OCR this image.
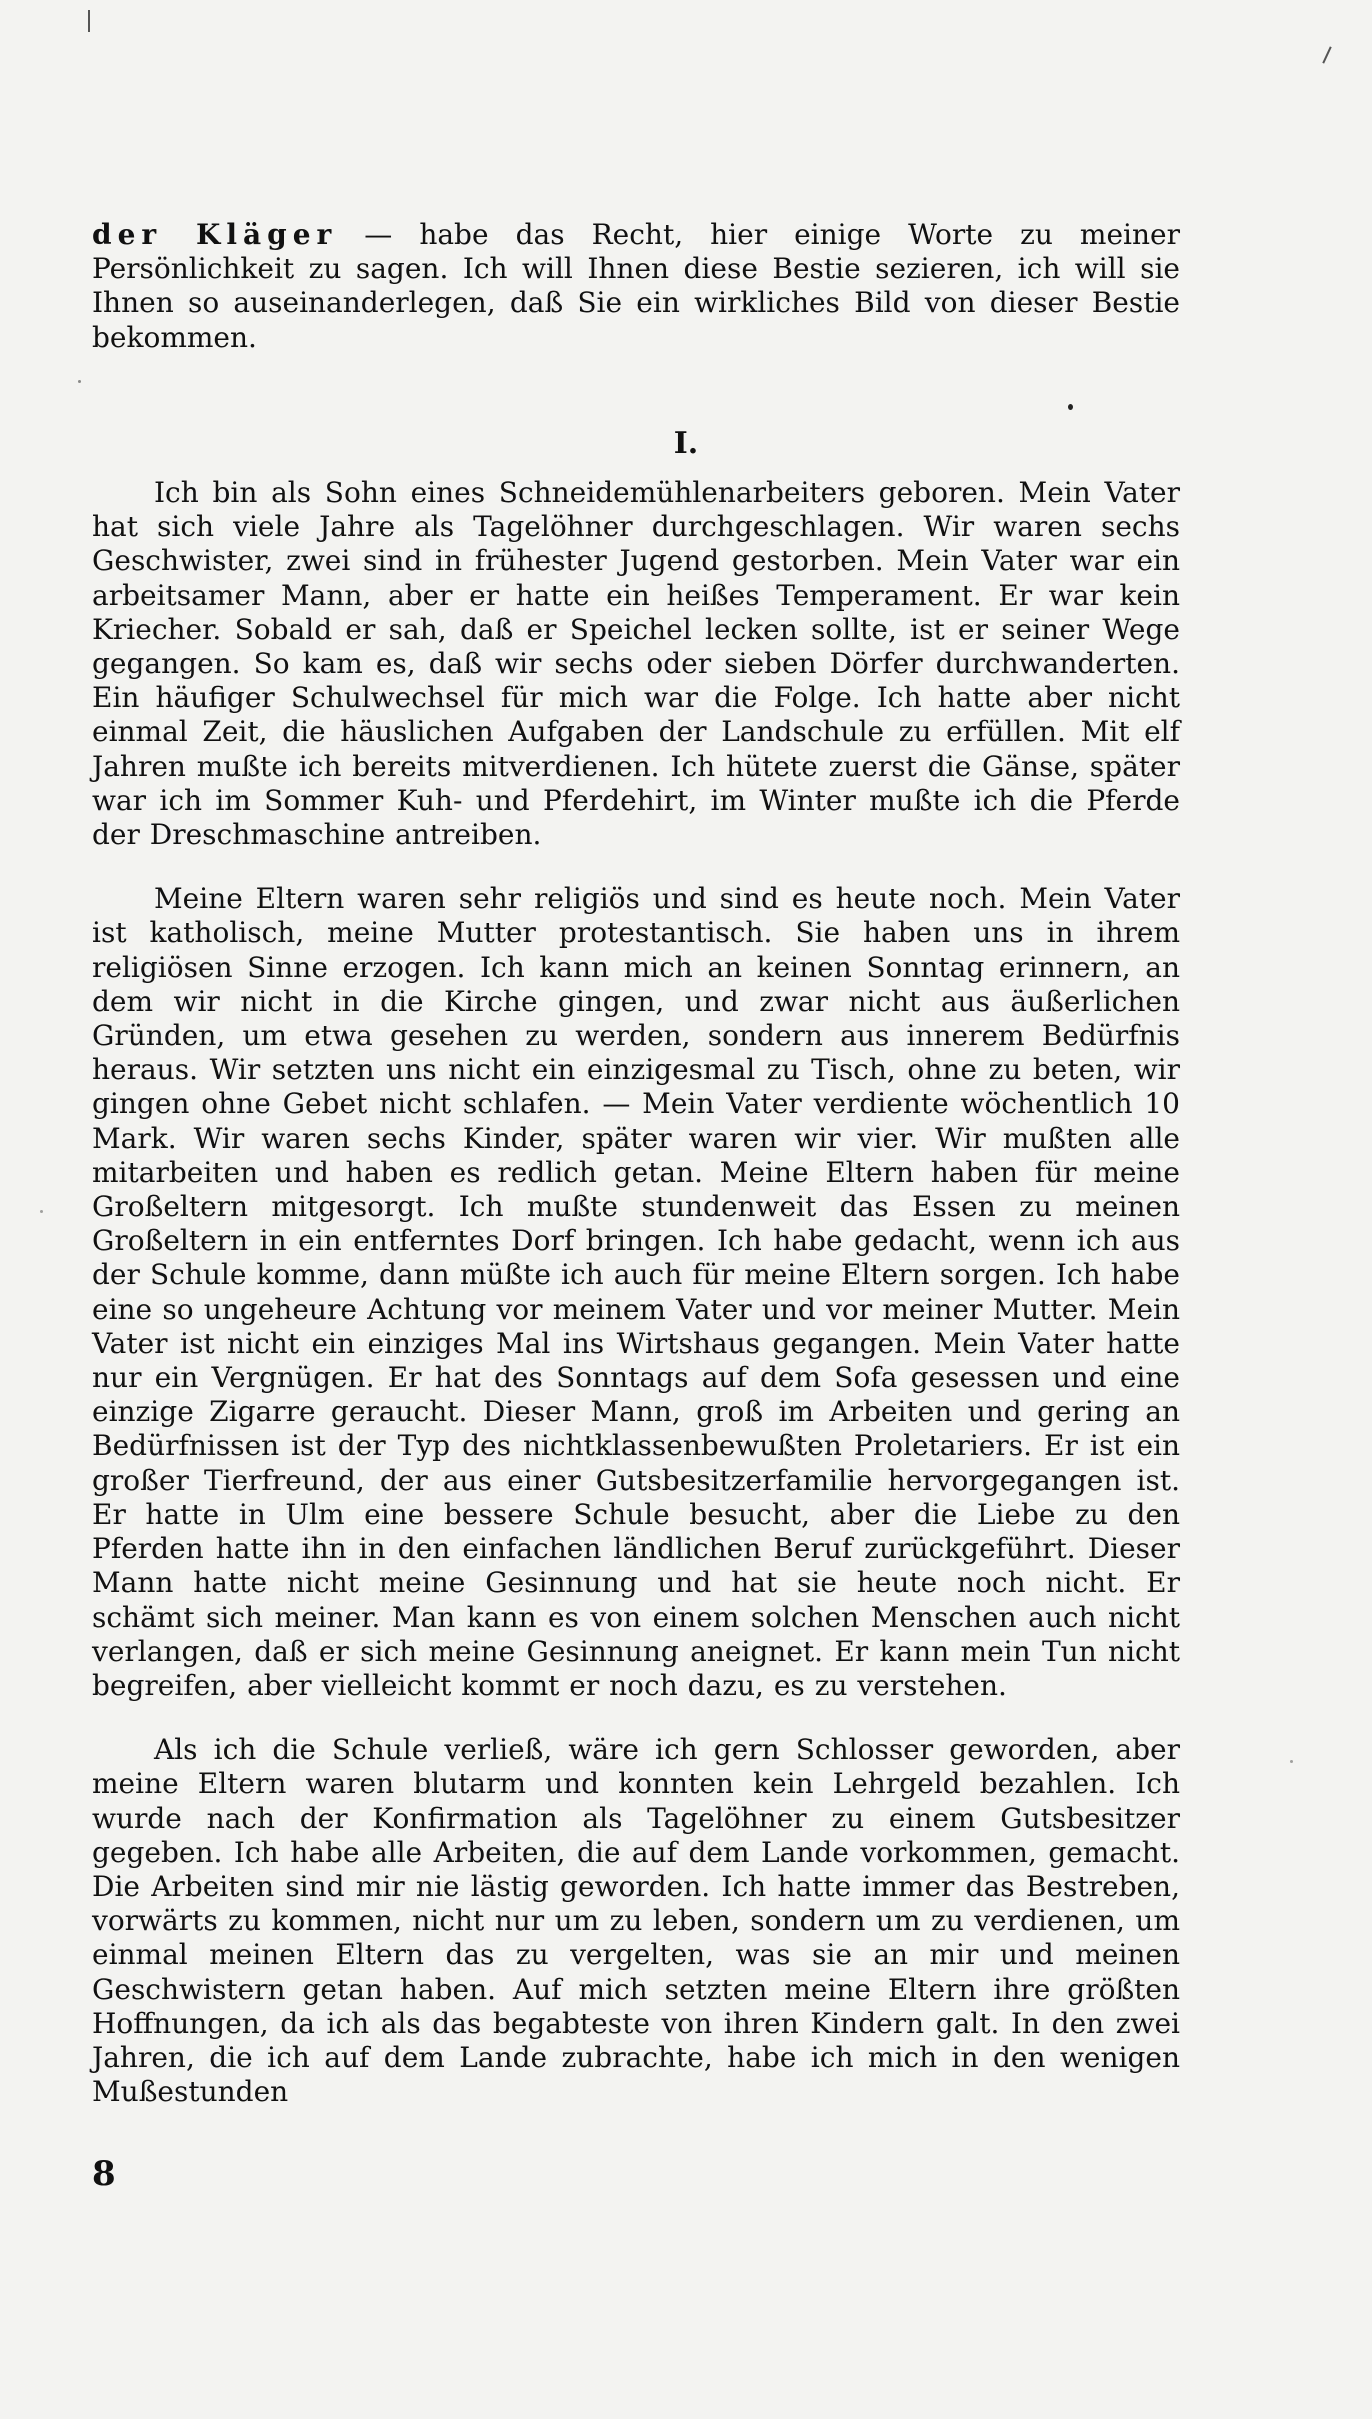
der Kläger — habe das Recht, hier einige Worte zu meiner Persönlichkeit zu sagen. Ich will Ihnen diese Bestie sezieren, ich will sie Ihnen so auseinanderlegen, daß Sie ein wirkliches Bild von dieser Bestie bekommen.

I.

Ich bin als Sohn eines Schneidemühlenarbeiters geboren. Mein Vater hat sich viele Jahre als Tagelöhner durchgeschlagen. Wir waren sechs Geschwister, zwei sind in frühester Jugend gestorben. Mein Vater war ein arbeitsamer Mann, aber er hatte ein heißes Temperament. Er war kein Kriecher. Sobald er sah, daß er Speichel lecken sollte, ist er seiner Wege gegangen. So kam es, daß wir sechs oder sieben Dörfer durchwanderten. Ein häufiger Schulwechsel für mich war die Folge. Ich hatte aber nicht einmal Zeit, die häuslichen Aufgaben der Landschule zu erfüllen. Mit elf Jahren mußte ich bereits mitverdienen. Ich hütete zuerst die Gänse, später war ich im Sommer Kuh- und Pferdehirt, im Winter mußte ich die Pferde der Dreschmaschine antreiben.

Meine Eltern waren sehr religiös und sind es heute noch. Mein Vater ist katholisch, meine Mutter protestantisch. Sie haben uns in ihrem religiösen Sinne erzogen. Ich kann mich an keinen Sonntag erinnern, an dem wir nicht in die Kirche gingen, und zwar nicht aus äußerlichen Gründen, um etwa gesehen zu werden, sondern aus innerem Bedürfnis heraus. Wir setzten uns nicht ein einzigesmal zu Tisch, ohne zu beten, wir gingen ohne Gebet nicht schlafen. — Mein Vater verdiente wöchentlich 10 Mark. Wir waren sechs Kinder, später waren wir vier. Wir mußten alle mitarbeiten und haben es redlich getan. Meine Eltern haben für meine Großeltern mitgesorgt. Ich mußte stundenweit das Essen zu meinen Großeltern in ein entferntes Dorf bringen. Ich habe gedacht, wenn ich aus der Schule komme, dann müßte ich auch für meine Eltern sorgen. Ich habe eine so ungeheure Achtung vor meinem Vater und vor meiner Mutter. Mein Vater ist nicht ein einziges Mal ins Wirtshaus gegangen. Mein Vater hatte nur ein Vergnügen. Er hat des Sonntags auf dem Sofa gesessen und eine einzige Zigarre geraucht. Dieser Mann, groß im Arbeiten und gering an Bedürfnissen ist der Typ des nichtklassenbewußten Proletariers. Er ist ein großer Tierfreund, der aus einer Gutsbesitzerfamilie hervorgegangen ist. Er hatte in Ulm eine bessere Schule besucht, aber die Liebe zu den Pferden hatte ihn in den einfachen ländlichen Beruf zurückgeführt. Dieser Mann hatte nicht meine Gesinnung und hat sie heute noch nicht. Er schämt sich meiner. Man kann es von einem solchen Menschen auch nicht verlangen, daß er sich meine Gesinnung aneignet. Er kann mein Tun nicht begreifen, aber vielleicht kommt er noch dazu, es zu verstehen.

Als ich die Schule verließ, wäre ich gern Schlosser geworden, aber meine Eltern waren blutarm und konnten kein Lehrgeld bezahlen. Ich wurde nach der Konfirmation als Tagelöhner zu einem Gutsbesitzer gegeben. Ich habe alle Arbeiten, die auf dem Lande vorkommen, gemacht. Die Arbeiten sind mir nie lästig geworden. Ich hatte immer das Bestreben, vorwärts zu kommen, nicht nur um zu leben, sondern um zu verdienen, um einmal meinen Eltern das zu vergelten, was sie an mir und meinen Geschwistern getan haben. Auf mich setzten meine Eltern ihre größten Hoffnungen, da ich als das begabteste von ihren Kindern galt. In den zwei Jahren, die ich auf dem Lande zubrachte, habe ich mich in den wenigen Mußestunden

8
